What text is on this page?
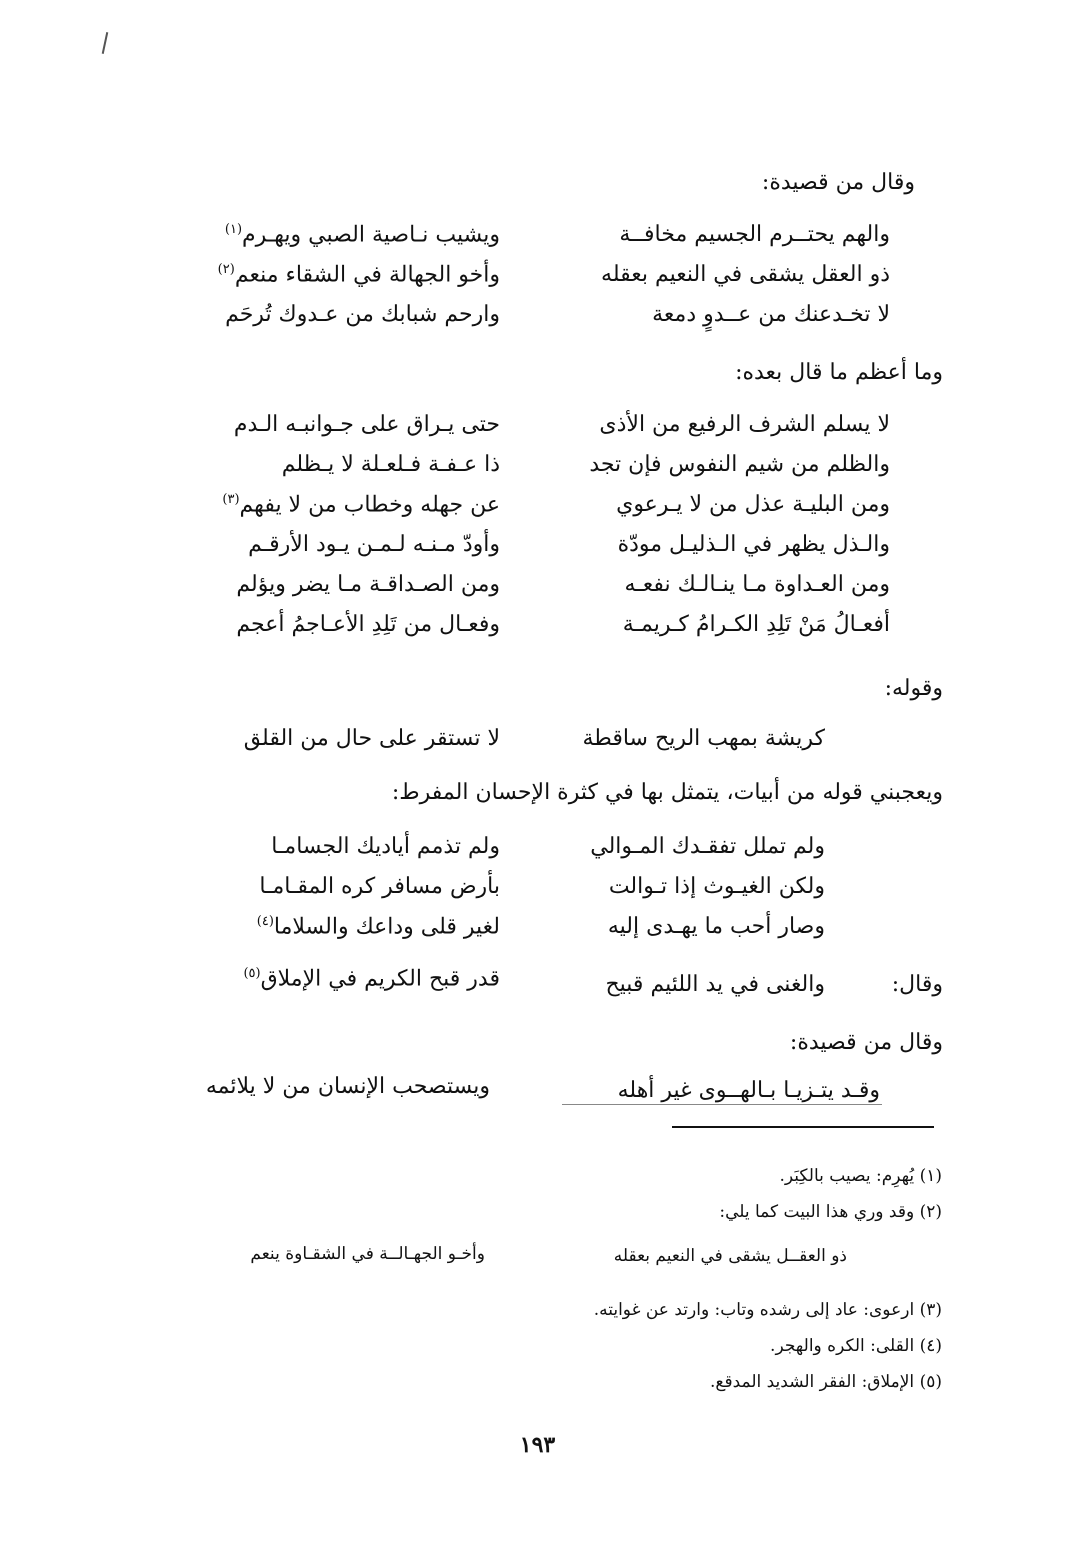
وقال من قصيدة:
والهم يحتــرم الجسيم مخافــة
ويشيب نـاصية الصبي ويهـرم$^{(١)}$
ذو العقل يشقى في النعيم بعقله
وأخو الجهالة في الشقاء منعم$^{(٢)}$
لا تخـدعنك من عــدوٍ دمعة
وارحم شبابك من عـدوك تُرحَم
وما أعظم ما قال بعده:
لا يسلم الشرف الرفيع من الأذى
حتى يـراق على جـوانبـه الـدم
والظلم من شيم النفوس فإن تجد
ذا عـفـة فـلعـلة لا يـظلم
ومن البليـة عذل من لا يـرعوي
عن جهله وخطاب من لا يفهم$^{(٣)}$
والـذل يظهر في الـذليـل مودّة
وأودّ مـنـه لـمـن يـود الأرقـم
ومن العـداوة مـا ينـالـك نفعـه
ومن الصـداقـة مـا يضر ويؤلم
أفعـالُ مَنْ تَلِدِ الكـرامُ كـريمـة
وفعـال من تَلِدِ الأعـاجمُ أعجم
وقوله:
كريشة بمهب الريح ساقطة
لا تستقر على حال من القلق
ويعجبني قوله من أبيات، يتمثل بها في كثرة الإحسان المفرط:
ولم تملل تفقـدك المـوالي
ولم تذمم أياديك الجسامـا
ولكن الغيـوث إذا تـوالت
بأرض مسافر كره المقـامـا
وصار أحب ما يهـدى إليه
لغير قلى وداعك والسلاما$^{(٤)}$
وقال:
والغنى في يد اللئيم قبيح
قدر قبح الكريم في الإملاق$^{(٥)}$
وقال من قصيدة:
وقـد يتـزيـا بـالهــوى غير أهله
ويستصحب الإنسان من لا يلائمه
(١) يُهرِم: يصيب بالكِبَر.
(٢) وقد وري هذا البيت كما يلي:
ذو العقــل يشقى في النعيم بعقله
وأخـو الجهـالــة في الشقـاوة ينعم
(٣) ارعوى: عاد إلى رشده وتاب: وارتد عن غوايته.
(٤) القلى: الكره والهجر.
(٥) الإملاق: الفقر الشديد المدقع.
١٩٣
